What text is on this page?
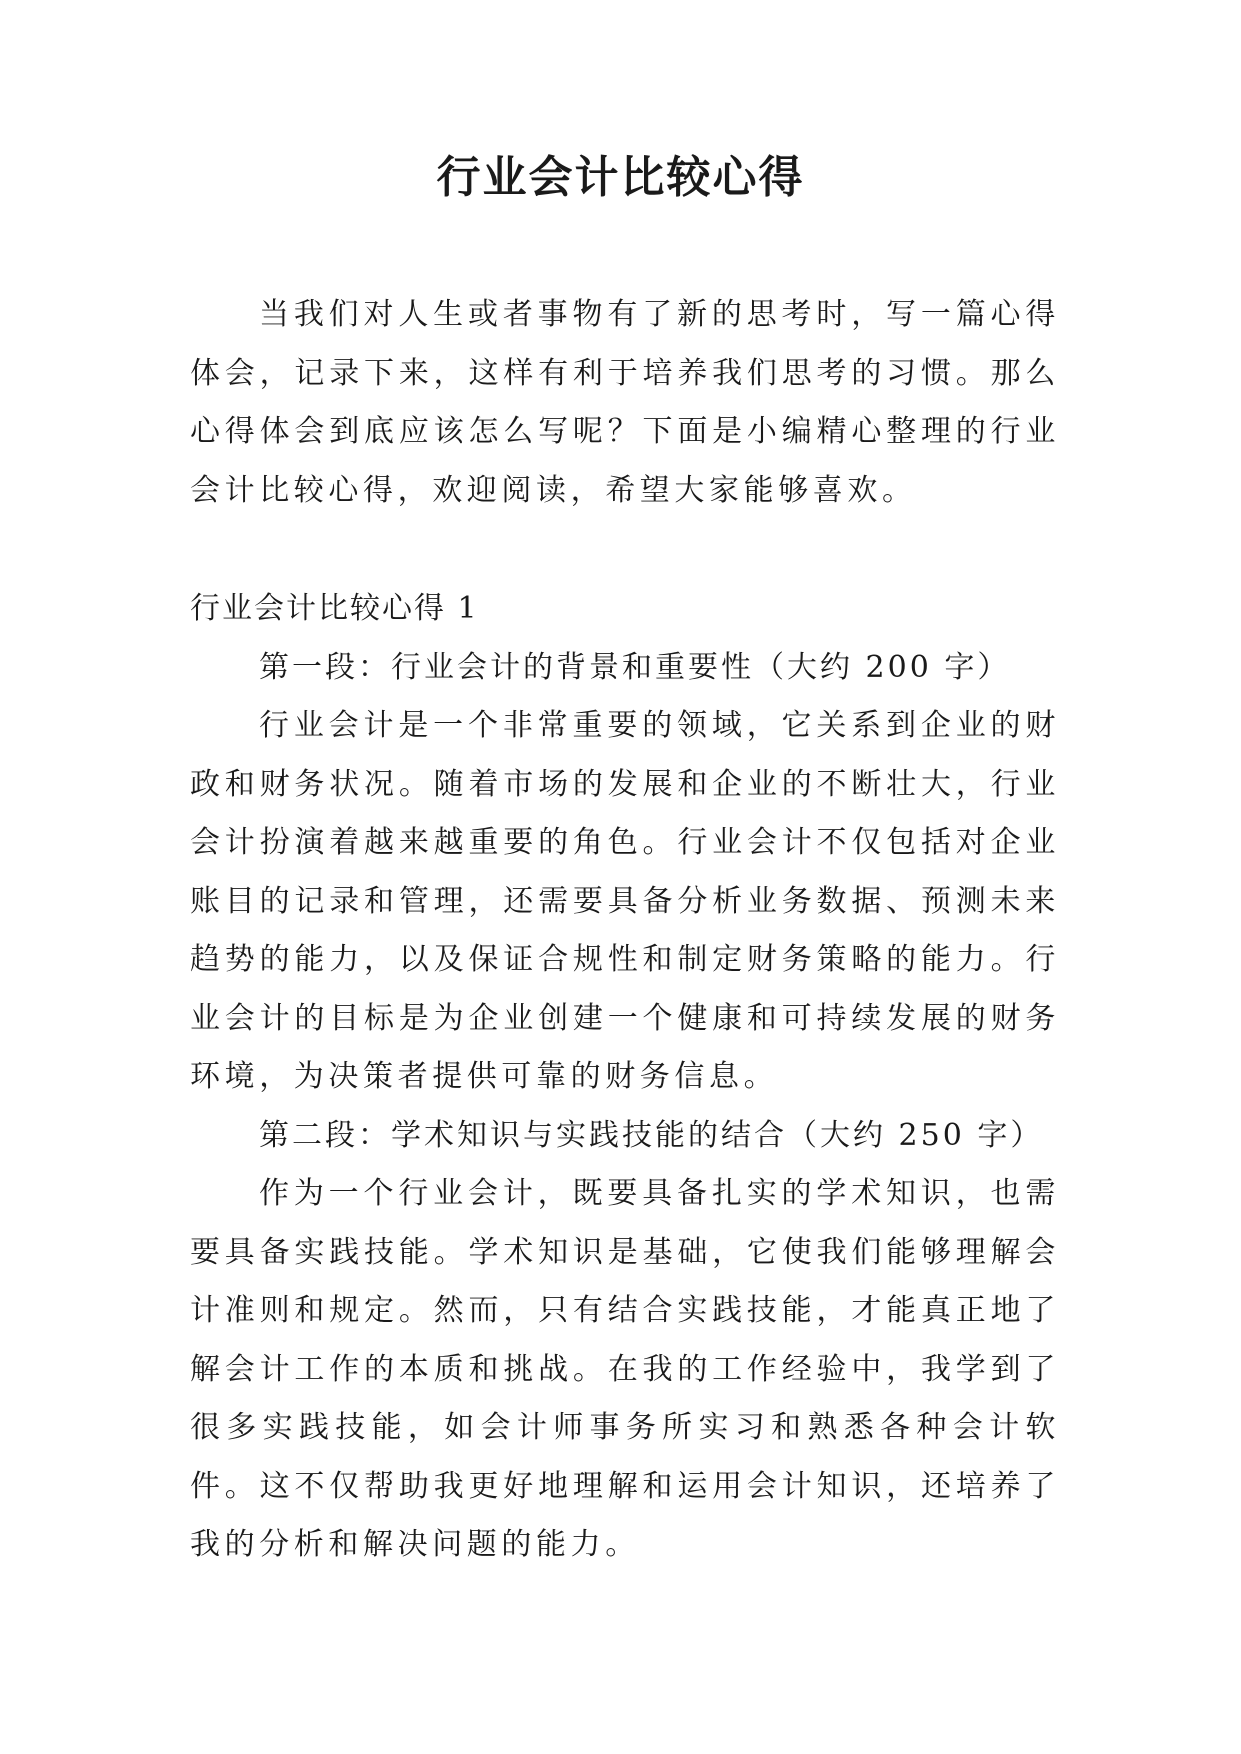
行业会计比较心得

当我们对人生或者事物有了新的思考时，写一篇心得体会，记录下来，这样有利于培养我们思考的习惯。那么心得体会到底应该怎么写呢？下面是小编精心整理的行业会计比较心得，欢迎阅读，希望大家能够喜欢。

行业会计比较心得 1

第一段：行业会计的背景和重要性（大约 200 字）

行业会计是一个非常重要的领域，它关系到企业的财政和财务状况。随着市场的发展和企业的不断壮大，行业会计扮演着越来越重要的角色。行业会计不仅包括对企业账目的记录和管理，还需要具备分析业务数据、预测未来趋势的能力，以及保证合规性和制定财务策略的能力。行业会计的目标是为企业创建一个健康和可持续发展的财务环境，为决策者提供可靠的财务信息。

第二段：学术知识与实践技能的结合（大约 250 字）

作为一个行业会计，既要具备扎实的学术知识，也需要具备实践技能。学术知识是基础，它使我们能够理解会计准则和规定。然而，只有结合实践技能，才能真正地了解会计工作的本质和挑战。在我的工作经验中，我学到了很多实践技能，如会计师事务所实习和熟悉各种会计软件。这不仅帮助我更好地理解和运用会计知识，还培养了我的分析和解决问题的能力。
